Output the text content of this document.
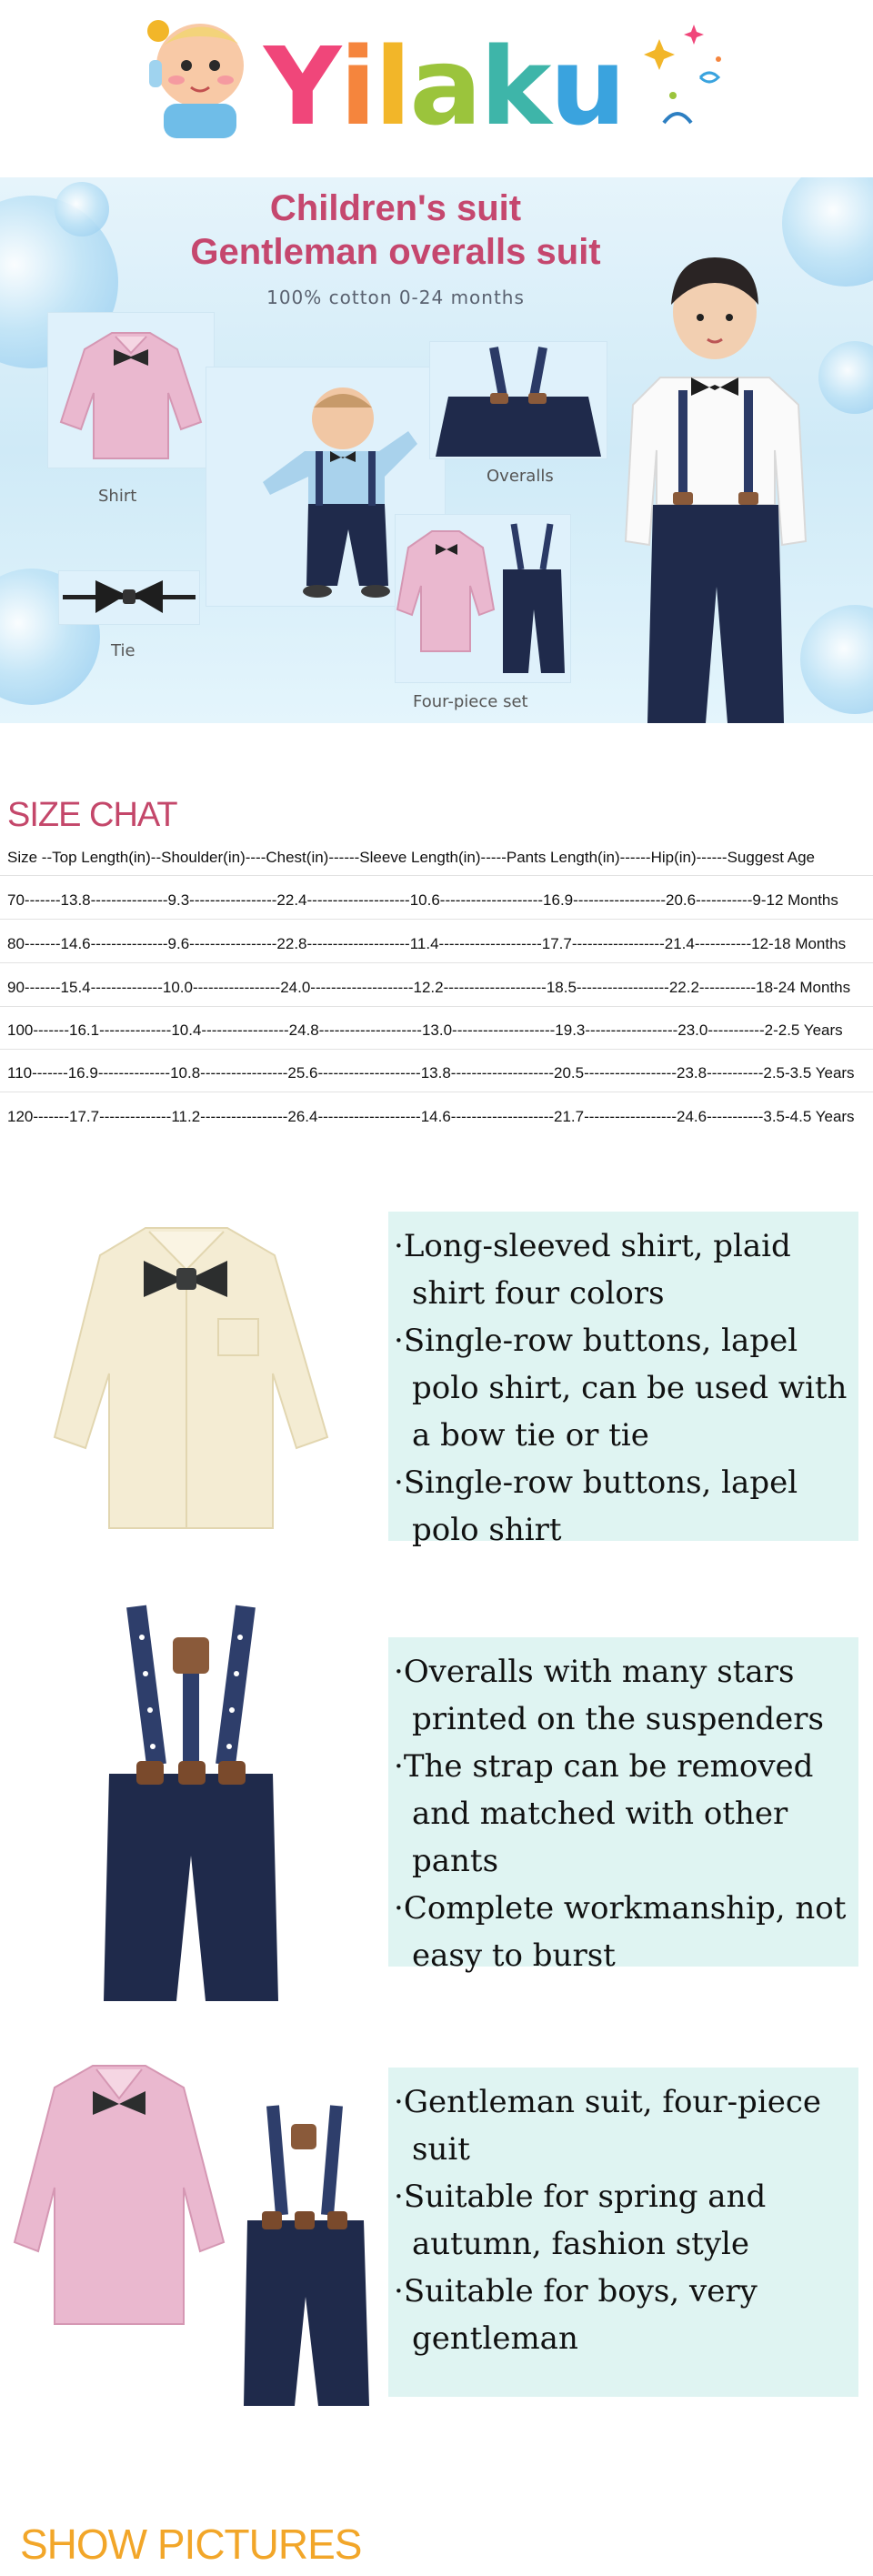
Yilaku
Children's suit
Gentleman overalls suit
100% cotton 0-24 months
Shirt
Tie
Overalls
Four-piece set
SIZE CHAT
Size --Top Length(in)--Shoulder(in)----Chest(in)------Sleeve Length(in)-----Pants Length(in)------Hip(in)------Suggest Age
70-------13.8---------------9.3-----------------22.4--------------------10.6--------------------16.9------------------20.6-----------9-12 Months
80-------14.6---------------9.6-----------------22.8--------------------11.4--------------------17.7------------------21.4-----------12-18 Months
90-------15.4--------------10.0-----------------24.0--------------------12.2--------------------18.5------------------22.2-----------18-24 Months
100-------16.1--------------10.4-----------------24.8--------------------13.0--------------------19.3------------------23.0-----------2-2.5 Years
110-------16.9--------------10.8-----------------25.6--------------------13.8--------------------20.5------------------23.8-----------2.5-3.5 Years
120-------17.7--------------11.2-----------------26.4--------------------14.6--------------------21.7------------------24.6-----------3.5-4.5 Years
· Long-sleeved shirt, plaid shirt four colors
· Single-row buttons, lapel polo shirt, can be used with a bow tie or tie
· Single-row buttons, lapel polo shirt
· Overalls with many stars printed on the suspenders
· The strap can be removed and matched with other pants
· Complete workmanship, not easy to burst
· Gentleman suit, four-piece suit
· Suitable for spring and autumn, fashion style
· Suitable for boys, very gentleman
SHOW PICTURES
